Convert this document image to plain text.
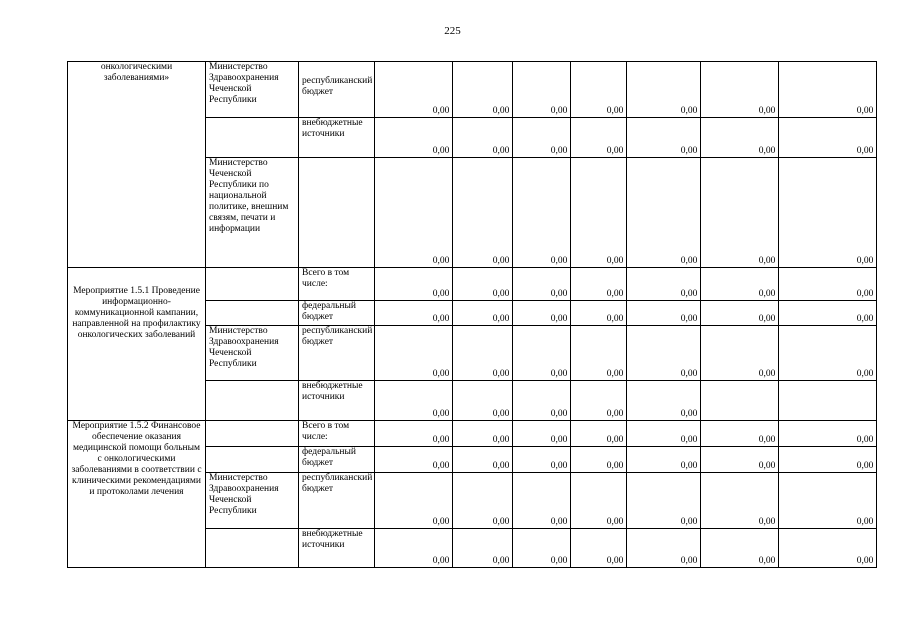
225
онкологическими заболеваниями»	Министерство Здравоохранения Чеченской Республики	республиканский бюджет	0,00	0,00	0,00	0,00	0,00	0,00	0,00
		внебюджетные источники	0,00	0,00	0,00	0,00	0,00	0,00	0,00
	Министерство Чеченской Республики по национальной политике, внешним связям, печати и информации		0,00	0,00	0,00	0,00	0,00	0,00	0,00
Мероприятие 1.5.1 Проведение информационно-коммуникационной кампании, направленной на профилактику онкологических заболеваний		Всего в том числе:	0,00	0,00	0,00	0,00	0,00	0,00	0,00
		федеральный бюджет	0,00	0,00	0,00	0,00	0,00	0,00	0,00
	Министерство Здравоохранения Чеченской Республики	республиканский бюджет	0,00	0,00	0,00	0,00	0,00	0,00	0,00
		внебюджетные источники	0,00	0,00	0,00	0,00	0,00		
Мероприятие 1.5.2 Финансовое обеспечение оказания медицинской помощи больным с онкологическими заболеваниями в соответствии с клиническими рекомендациями и протоколами лечения		Всего в том числе:	0,00	0,00	0,00	0,00	0,00	0,00	0,00
		федеральный бюджет	0,00	0,00	0,00	0,00	0,00	0,00	0,00
	Министерство Здравоохранения Чеченской Республики	республиканский бюджет	0,00	0,00	0,00	0,00	0,00	0,00	0,00
		внебюджетные источники	0,00	0,00	0,00	0,00	0,00	0,00	0,00
